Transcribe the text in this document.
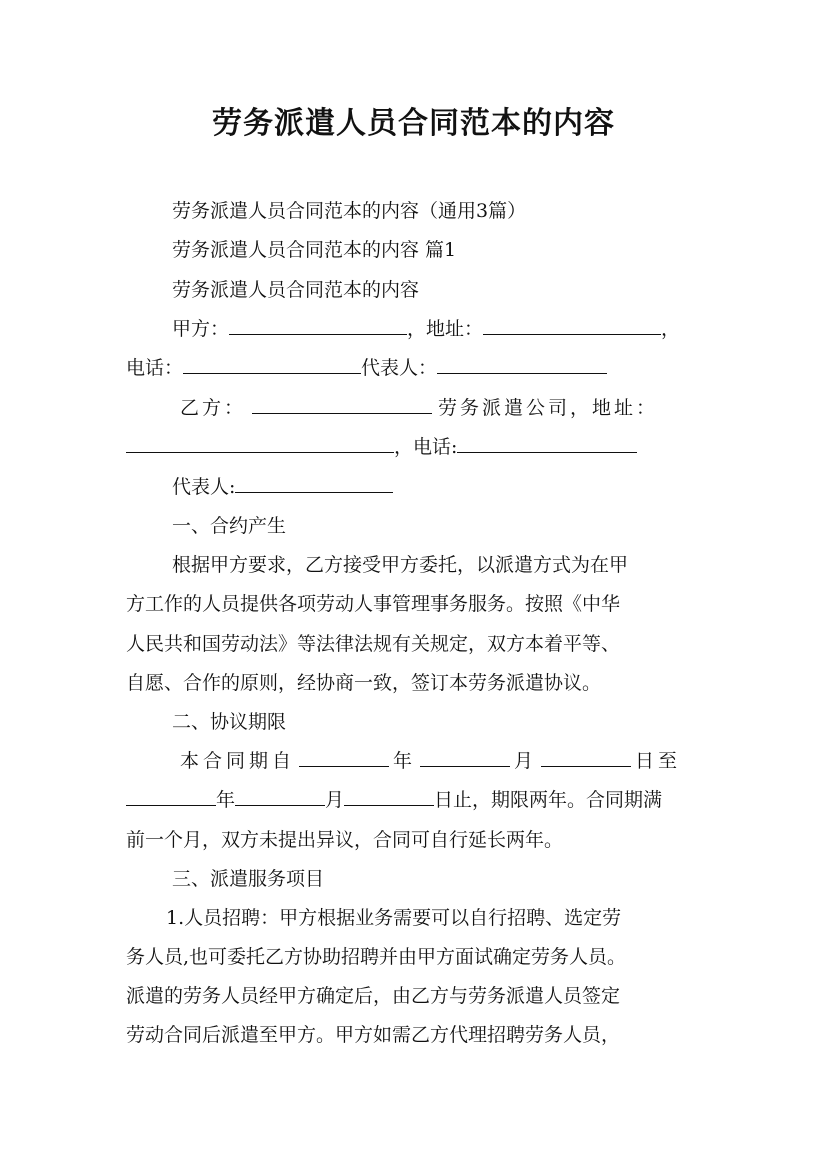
劳务派遣人员合同范本的内容
劳务派遣人员合同范本的内容（通用3篇）
劳务派遣人员合同范本的内容 篇1
劳务派遣人员合同范本的内容
甲方：	，地址：	，
电话：	代表人：
乙方：	劳务派遣公司，地址：
，电话:
代表人:
一、合约产生
根据甲方要求，乙方接受甲方委托，以派遣方式为在甲
方工作的人员提供各项劳动人事管理事务服务。按照《中华
人民共和国劳动法》等法律法规有关规定，双方本着平等、
自愿、合作的原则，经协商一致，签订本劳务派遣协议。
二、协议期限
本合同期自	年	月	日至
年	月	日止，期限两年。合同期满
前一个月，双方未提出异议，合同可自行延长两年。
三、派遣服务项目
1.人员招聘：甲方根据业务需要可以自行招聘、选定劳
务人员,也可委托乙方协助招聘并由甲方面试确定劳务人员。
派遣的劳务人员经甲方确定后，由乙方与劳务派遣人员签定
劳动合同后派遣至甲方。甲方如需乙方代理招聘劳务人员，
